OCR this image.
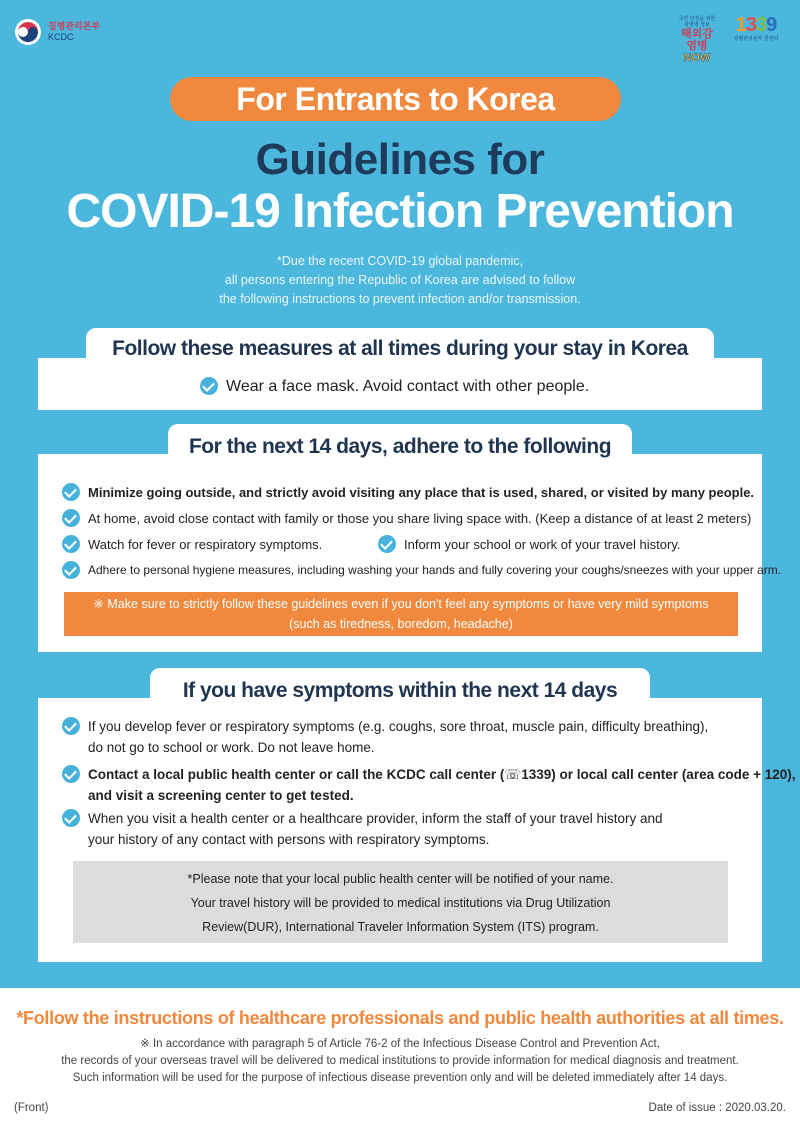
질병관리본부
KCDC
국민 안전을 위한 감염병 정보
해외감염병
NOW
1339
질병관리본부 콜센터
For Entrants to Korea
Guidelines for
COVID-19 Infection Prevention
*Due the recent COVID-19 global pandemic,
all persons entering the Republic of Korea are advised to follow
the following instructions to prevent infection and/or transmission.
Follow these measures at all times during your stay in Korea
Wear a face mask. Avoid contact with other people.
For the next 14 days, adhere to the following
Minimize going outside, and strictly avoid visiting any place that is used, shared, or visited by many people.
At home, avoid close contact with family or those you share living space with. (Keep a distance of at least 2 meters)
Watch for fever or respiratory symptoms.	Inform your school or work of your travel history.
Adhere to personal hygiene measures, including washing your hands and fully covering your coughs/sneezes with your upper arm.
※ Make sure to strictly follow these guidelines even if you don't feel any symptoms or have very mild symptoms
(such as tiredness, boredom, headache)
If you have symptoms within the next 14 days
If you develop fever or respiratory symptoms (e.g. coughs, sore throat, muscle pain, difficulty breathing),
do not go to school or work. Do not leave home.
Contact a local public health center or call the KCDC call center (☏1339) or local call center (area code + 120),
and visit a screening center to get tested.
When you visit a health center or a healthcare provider, inform the staff of your travel history and
your history of any contact with persons with respiratory symptoms.
*Please note that your local public health center will be notified of your name.
Your travel history will be provided to medical institutions via Drug Utilization
Review(DUR), International Traveler Information System (ITS) program.
*Follow the instructions of healthcare professionals and public health authorities at all times.
※ In accordance with paragraph 5 of Article 76-2 of the Infectious Disease Control and Prevention Act,
the records of your overseas travel will be delivered to medical institutions to provide information for medical diagnosis and treatment.
Such information will be used for the purpose of infectious disease prevention only and will be deleted immediately after 14 days.
(Front)	Date of issue : 2020.03.20.
